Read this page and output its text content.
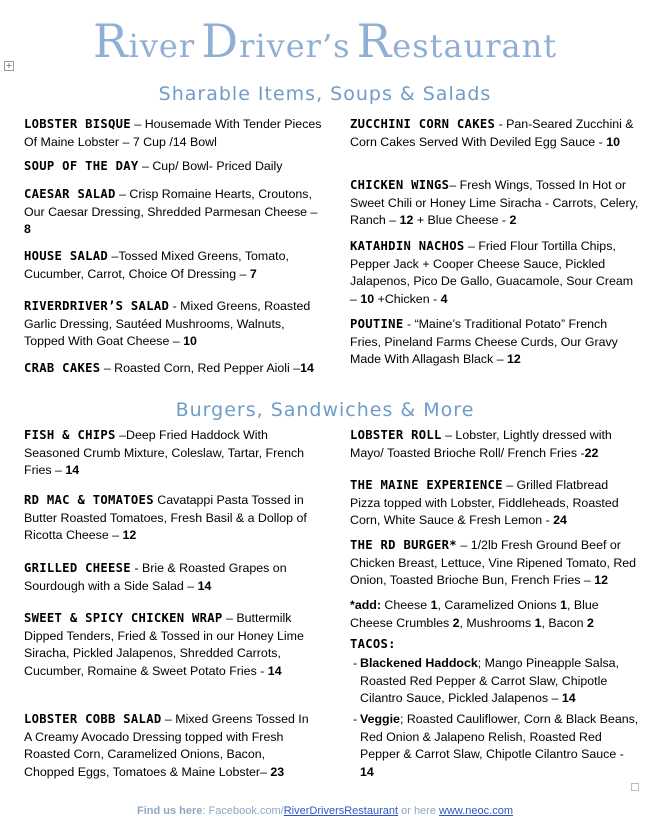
River Driver’s Restaurant
+
Sharable Items, Soups & Salads
LOBSTER BISQUE – Housemade With Tender Pieces Of Maine Lobster – 7 Cup /14 Bowl
SOUP OF THE DAY – Cup/ Bowl- Priced Daily
CAESAR SALAD – Crisp Romaine Hearts, Croutons, Our Caesar Dressing, Shredded Parmesan Cheese – 8
HOUSE SALAD –Tossed Mixed Greens, Tomato, Cucumber, Carrot, Choice Of Dressing – 7
RIVERDRIVER’S SALAD - Mixed Greens, Roasted Garlic Dressing, Sautéed Mushrooms, Walnuts, Topped With Goat Cheese – 10
CRAB CAKES – Roasted Corn, Red Pepper Aioli –14
ZUCCHINI CORN CAKES - Pan-Seared Zucchini & Corn Cakes Served With Deviled Egg Sauce - 10
CHICKEN WINGS– Fresh Wings, Tossed In Hot or Sweet Chili or Honey Lime Siracha - Carrots, Celery, Ranch – 12 + Blue Cheese - 2
KATAHDIN NACHOS – Fried Flour Tortilla Chips, Pepper Jack + Cooper Cheese Sauce, Pickled Jalapenos, Pico De Gallo, Guacamole, Sour Cream – 10 +Chicken - 4
POUTINE - “Maine’s Traditional Potato” French Fries, Pineland Farms Cheese Curds, Our Gravy Made With Allagash Black – 12
Burgers, Sandwiches & More
FISH & CHIPS –Deep Fried Haddock With Seasoned Crumb Mixture, Coleslaw, Tartar, French Fries – 14
RD MAC & TOMATOES Cavatappi Pasta Tossed in Butter Roasted Tomatoes, Fresh Basil & a Dollop of Ricotta Cheese – 12
GRILLED CHEESE - Brie & Roasted Grapes on Sourdough with a Side Salad – 14
SWEET & SPICY CHICKEN WRAP – Buttermilk Dipped Tenders, Fried & Tossed in our Honey Lime Siracha, Pickled Jalapenos, Shredded Carrots, Cucumber, Romaine & Sweet Potato Fries - 14
LOBSTER COBB SALAD – Mixed Greens Tossed In A Creamy Avocado Dressing topped with Fresh Roasted Corn, Caramelized Onions, Bacon, Chopped Eggs, Tomatoes & Maine Lobster– 23
LOBSTER ROLL – Lobster, Lightly dressed with Mayo/ Toasted Brioche Roll/ French Fries -22
THE MAINE EXPERIENCE – Grilled Flatbread Pizza topped with Lobster, Fiddleheads, Roasted Corn, White Sauce & Fresh Lemon - 24
THE RD BURGER* – 1/2lb Fresh Ground Beef or Chicken Breast, Lettuce, Vine Ripened Tomato, Red Onion, Toasted Brioche Bun, French Fries – 12
*add: Cheese 1, Caramelized Onions 1, Blue Cheese Crumbles 2, Mushrooms 1, Bacon 2
TACOS:
- Blackened Haddock; Mango Pineapple Salsa, Roasted Red Pepper & Carrot Slaw, Chipotle Cilantro Sauce, Pickled Jalapenos – 14
- Veggie; Roasted Cauliflower, Corn & Black Beans, Red Onion & Jalapeno Relish, Roasted Red Pepper & Carrot Slaw, Chipotle Cilantro Sauce - 14
Find us here: Facebook.com/RiverDriversRestaurant or here www.neoc.com
